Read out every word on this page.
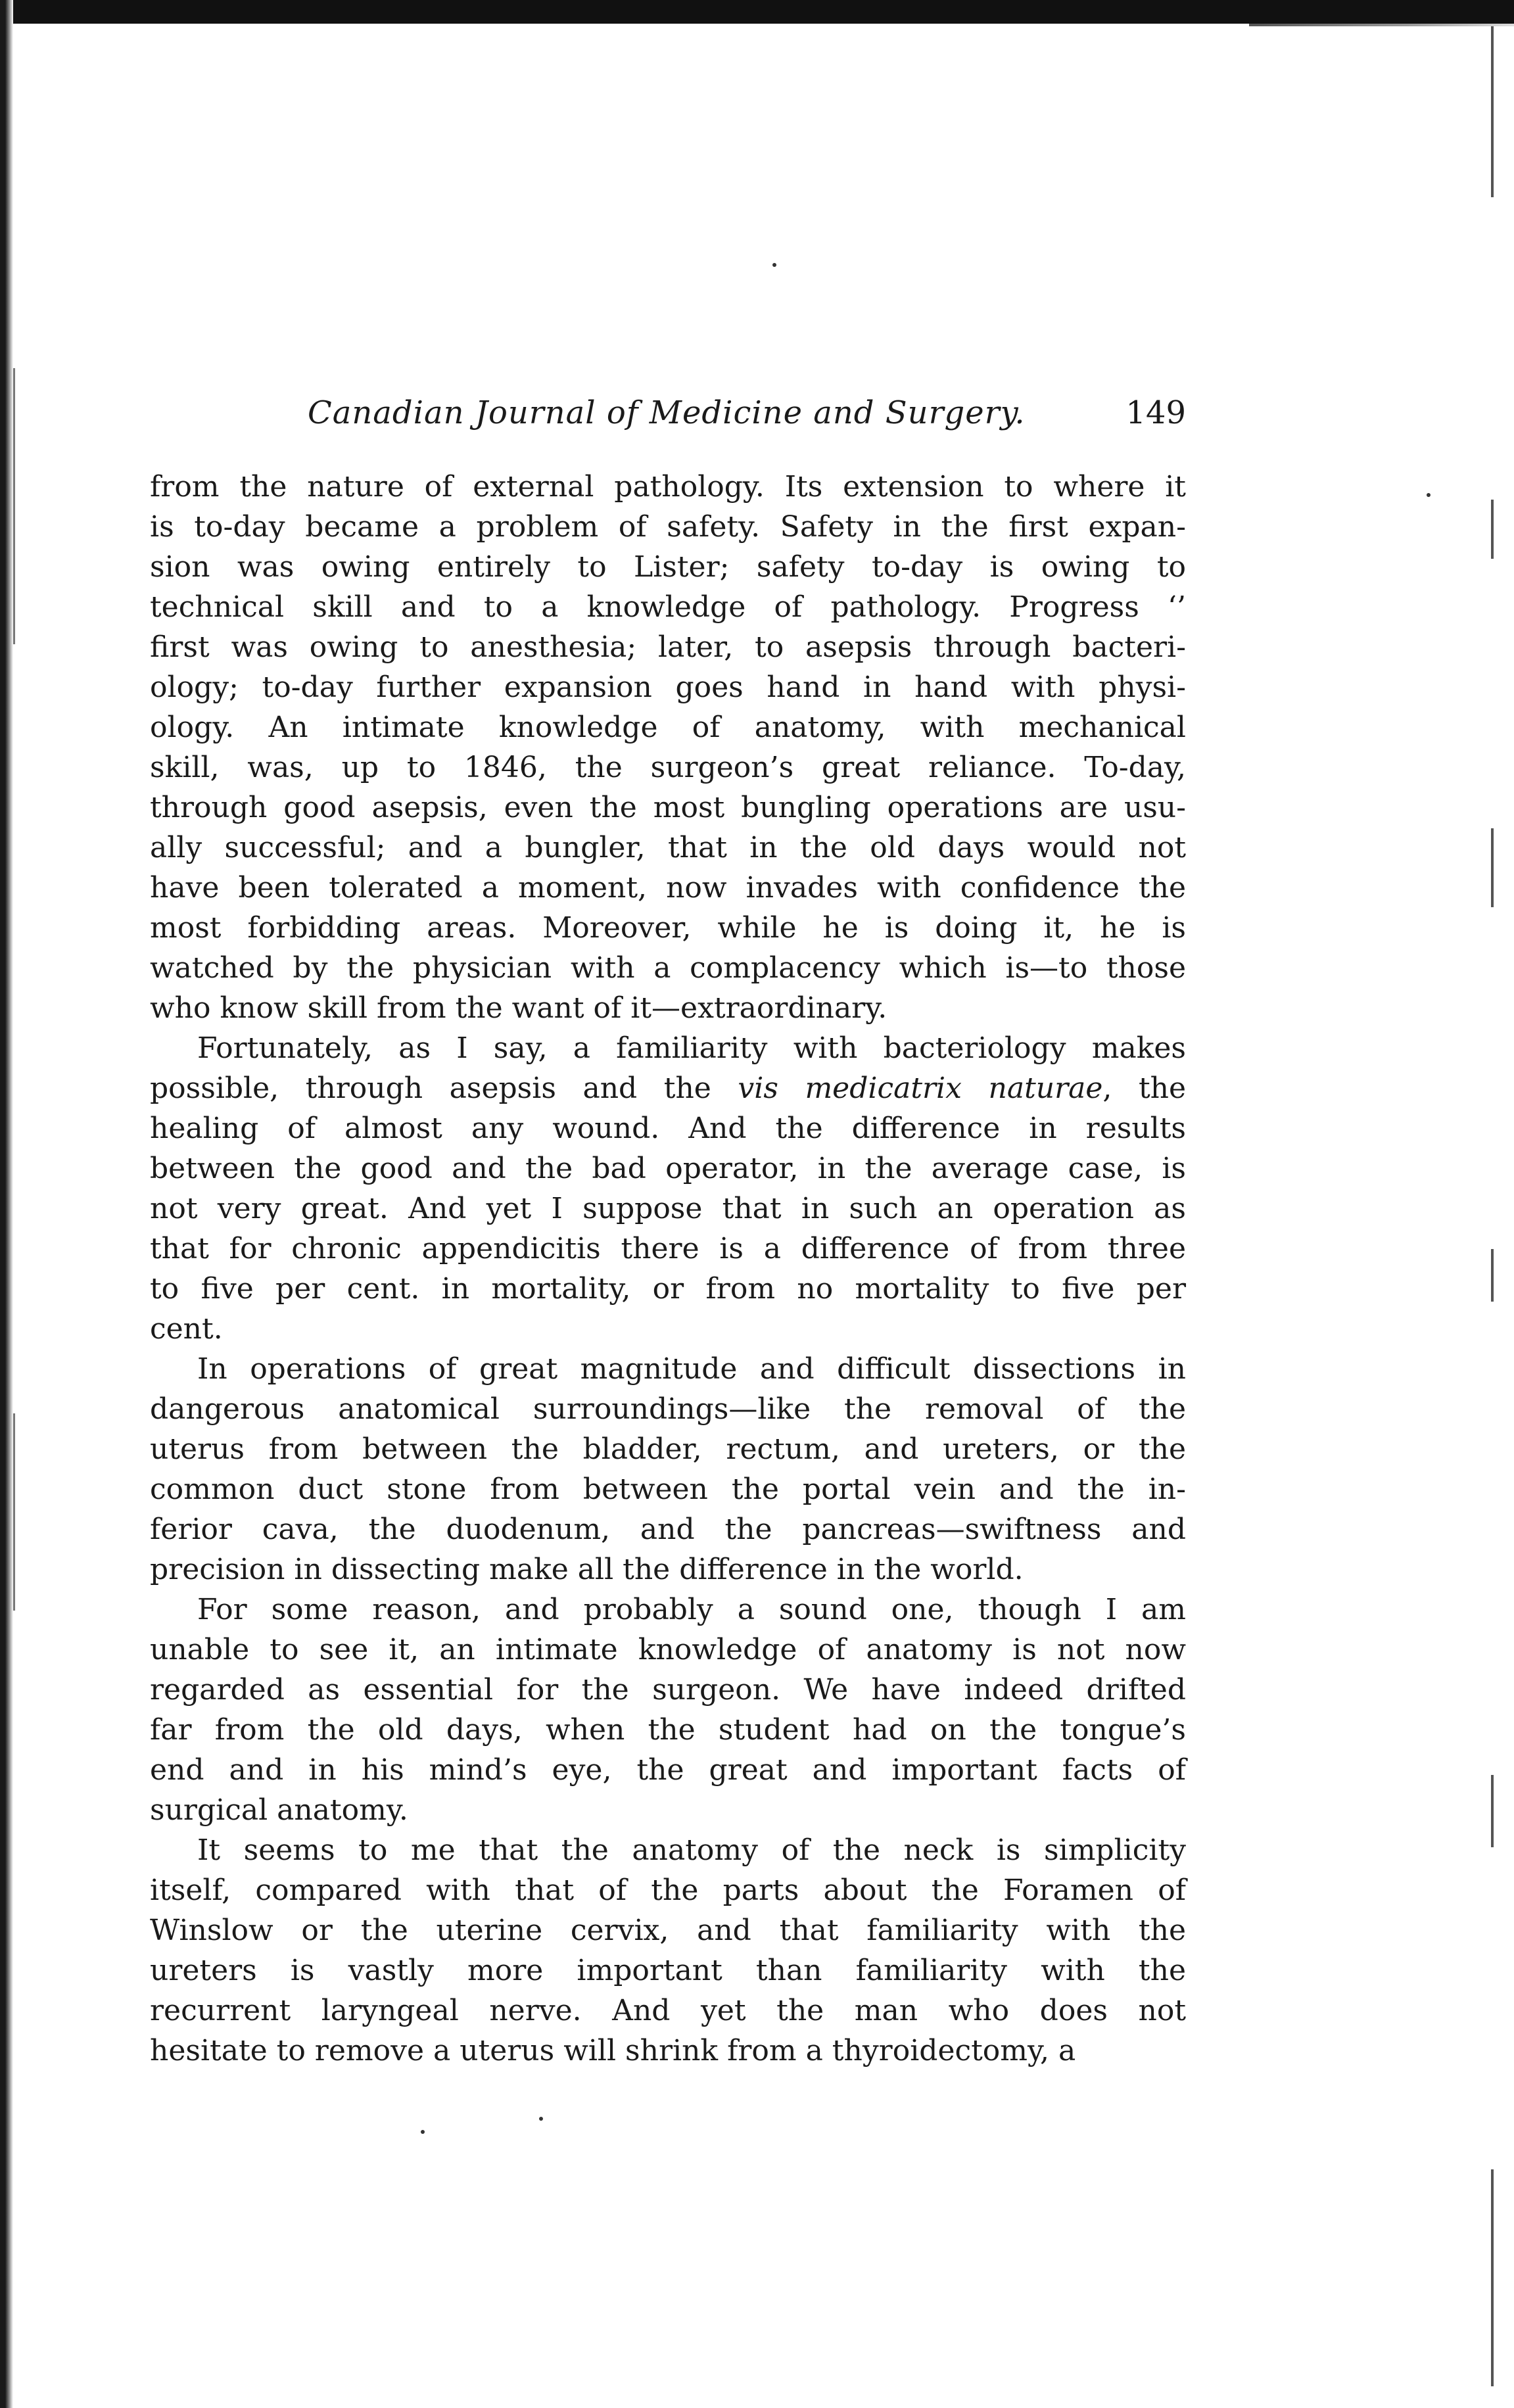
Canadian Journal of Medicine and Surgery.	149
from the nature of external pathology. Its extension to where it
is to-day became a problem of safety. Safety in the first expan-
sion was owing entirely to Lister; safety to-day is owing to
technical skill and to a knowledge of pathology. Progress ‘’
first was owing to anesthesia; later, to asepsis through bacteri-
ology; to-day further expansion goes hand in hand with physi-
ology. An intimate knowledge of anatomy, with mechanical
skill, was, up to 1846, the surgeon’s great reliance. To-day,
through good asepsis, even the most bungling operations are usu-
ally successful; and a bungler, that in the old days would not
have been tolerated a moment, now invades with confidence the
most forbidding areas. Moreover, while he is doing it, he is
watched by the physician with a complacency which is—to those
who know skill from the want of it—extraordinary.
Fortunately, as I say, a familiarity with bacteriology makes
possible, through asepsis and the vis medicatrix naturae, the
healing of almost any wound. And the difference in results
between the good and the bad operator, in the average case, is
not very great. And yet I suppose that in such an operation as
that for chronic appendicitis there is a difference of from three
to five per cent. in mortality, or from no mortality to five per
cent.
In operations of great magnitude and difficult dissections in
dangerous anatomical surroundings—like the removal of the
uterus from between the bladder, rectum, and ureters, or the
common duct stone from between the portal vein and the in-
ferior cava, the duodenum, and the pancreas—swiftness and
precision in dissecting make all the difference in the world.
For some reason, and probably a sound one, though I am
unable to see it, an intimate knowledge of anatomy is not now
regarded as essential for the surgeon. We have indeed drifted
far from the old days, when the student had on the tongue’s
end and in his mind’s eye, the great and important facts of
surgical anatomy.
It seems to me that the anatomy of the neck is simplicity
itself, compared with that of the parts about the Foramen of
Winslow or the uterine cervix, and that familiarity with the
ureters is vastly more important than familiarity with the
recurrent laryngeal nerve. And yet the man who does not
hesitate to remove a uterus will shrink from a thyroidectomy, a
